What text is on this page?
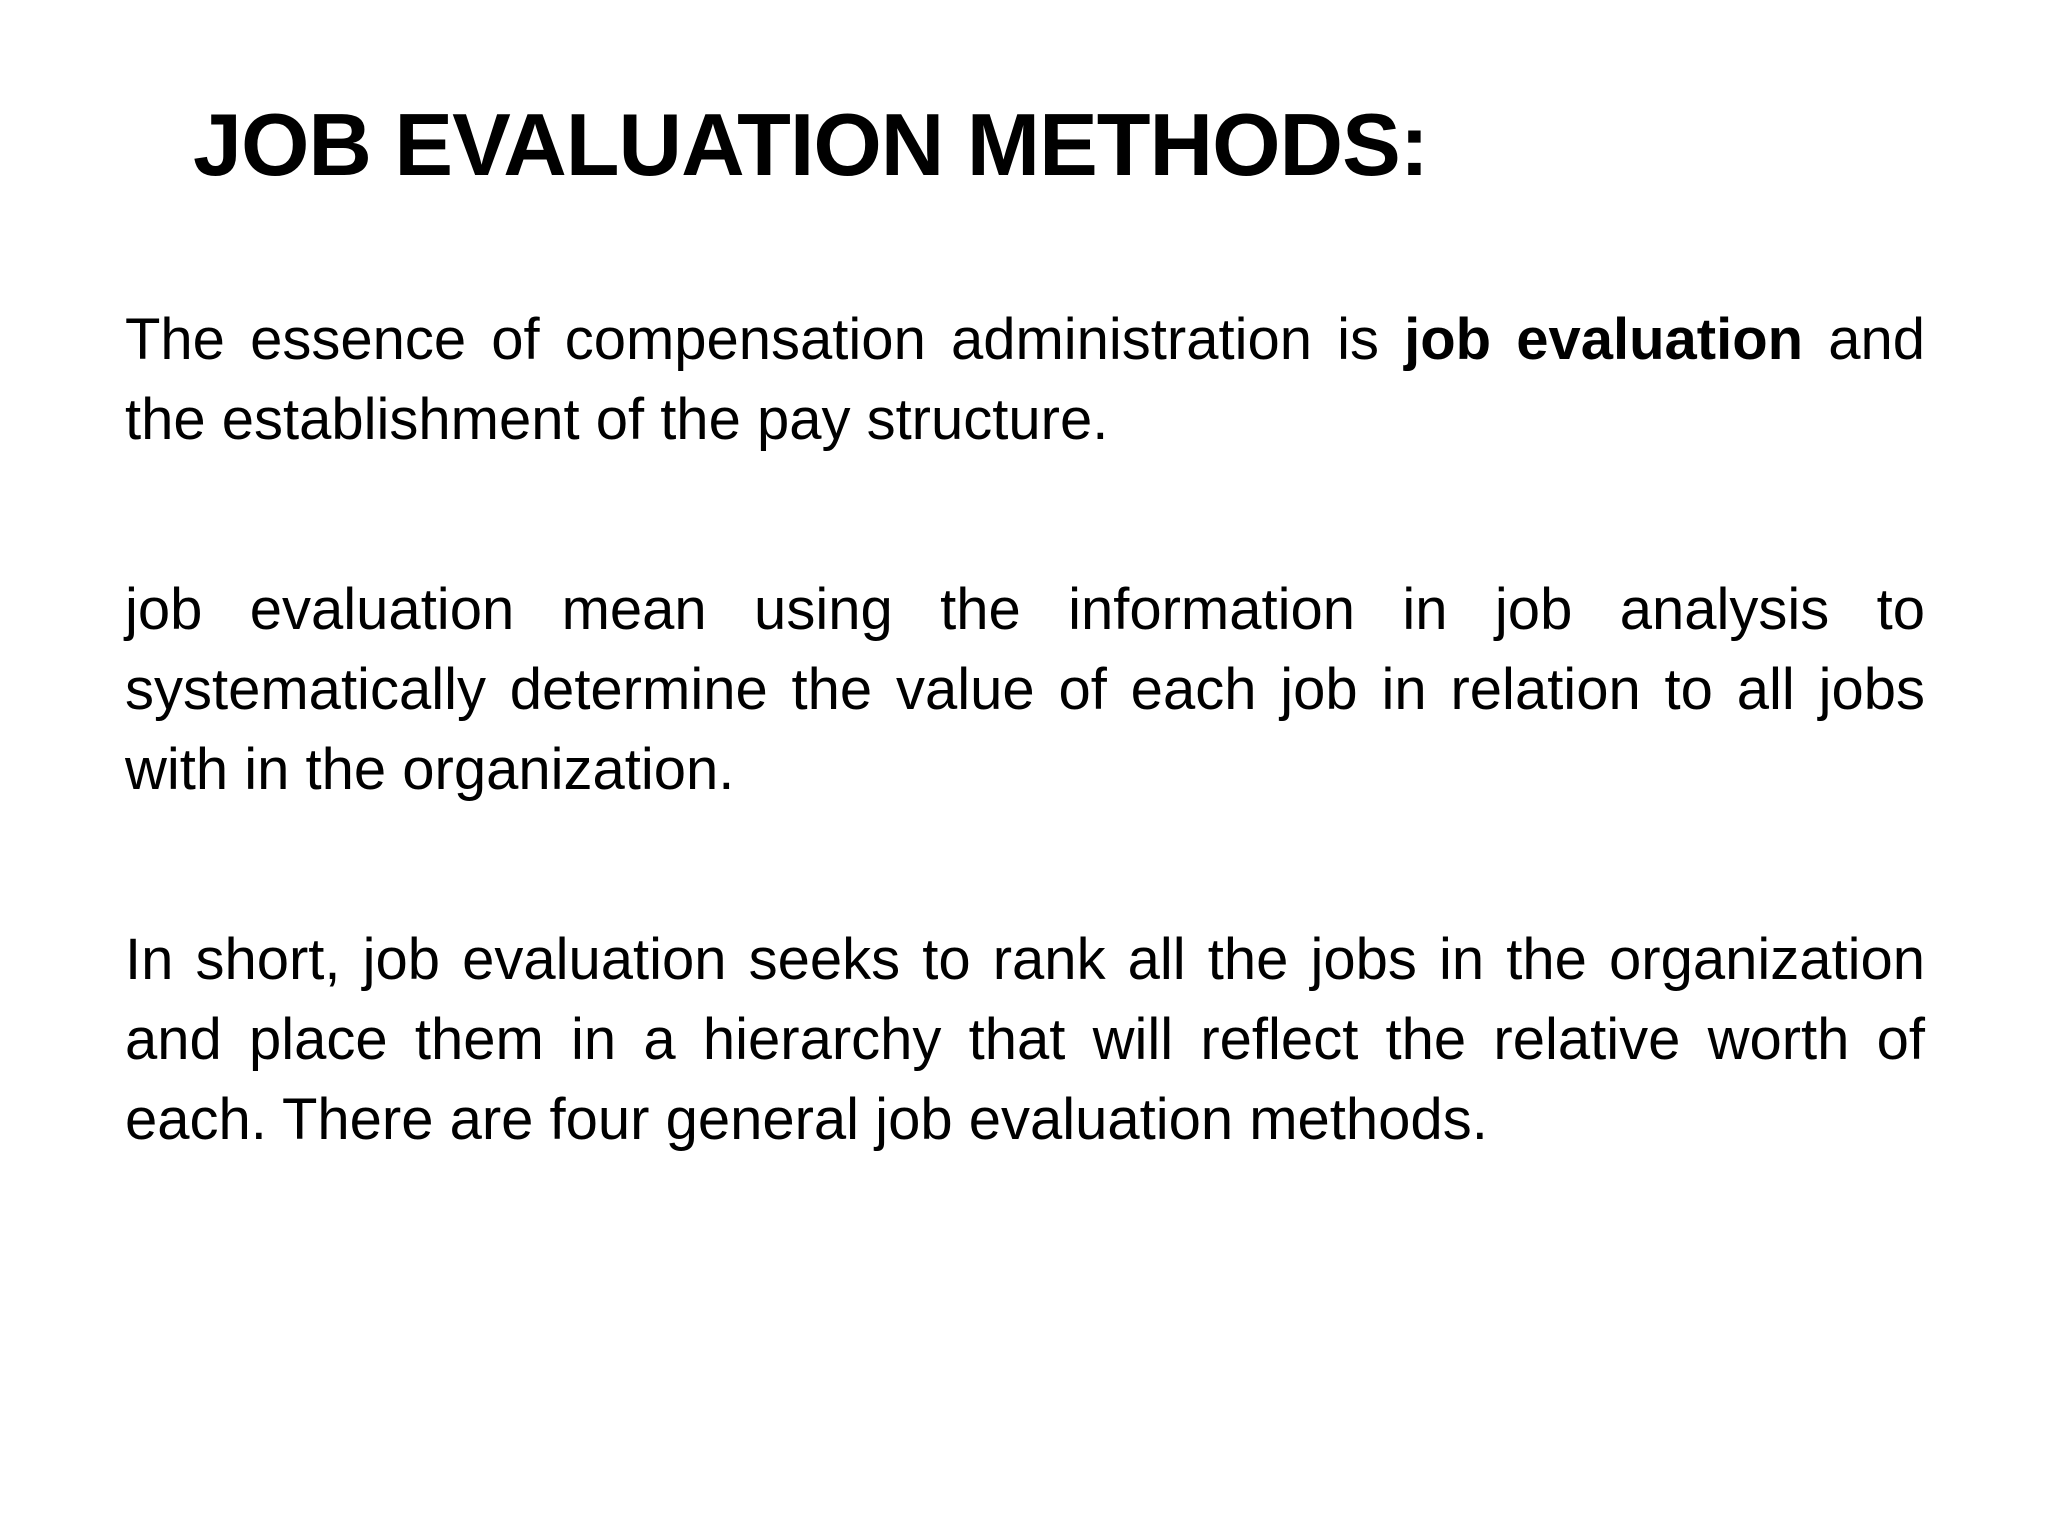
JOB EVALUATION METHODS:

The essence of compensation administration is job evaluation and the establishment of the pay structure.

job evaluation mean using the information in job analysis to systematically determine the value of each job in relation to all jobs with in the organization.

In short, job evaluation seeks to rank all the jobs in the organization and place them in a hierarchy that will reflect the relative worth of each. There are four general job evaluation methods.
